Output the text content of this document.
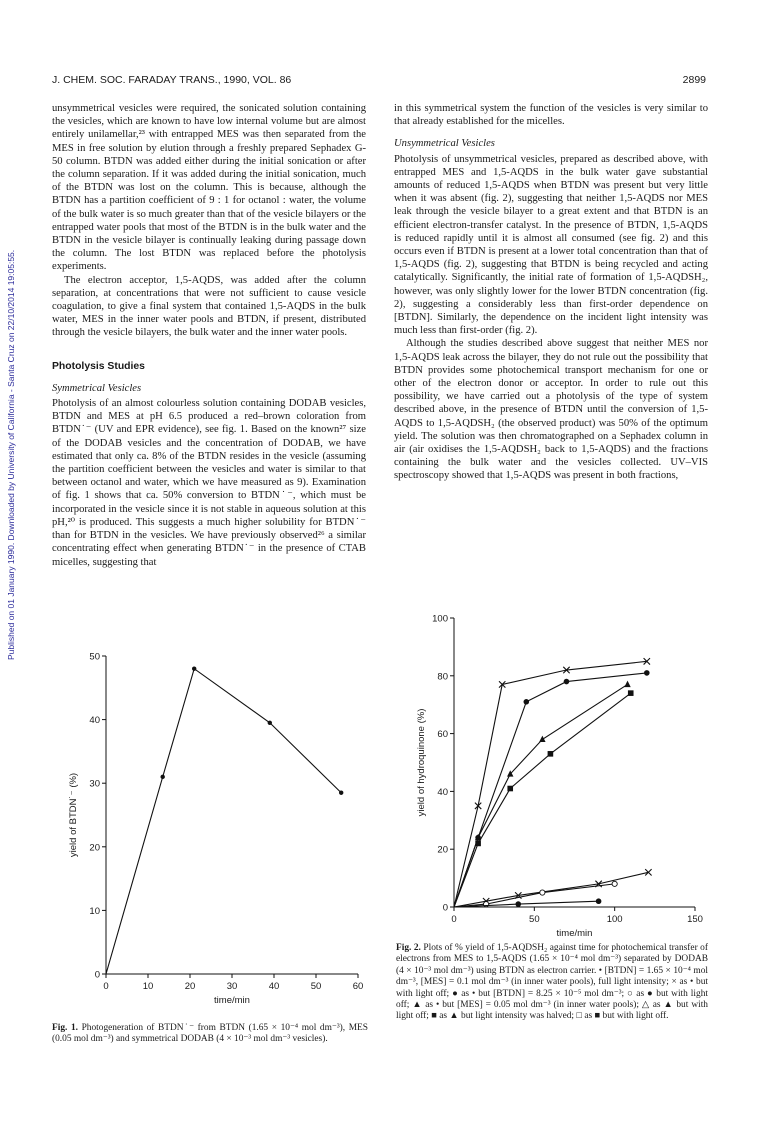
Published on 01 January 1990. Downloaded by University of California - Santa Cruz on 22/10/2014 19:05:55.
J. CHEM. SOC. FARADAY TRANS., 1990, VOL. 86	2899

unsymmetrical vesicles were required, the sonicated solution containing the vesicles, which are known to have low internal volume but are almost entirely unilamellar,²³ with entrapped MES was then separated from the MES in free solution by elution through a freshly prepared Sephadex G-50 column. BTDN was added either during the initial sonication or after the column separation. If it was added during the initial sonication, much of the BTDN was lost on the column. This is because, although the BTDN has a partition coefficient of 9 : 1 for octanol : water, the volume of the bulk water is so much greater than that of the vesicle bilayers or the entrapped water pools that most of the BTDN is in the bulk water and the BTDN in the vesicle bilayer is continually leaking during passage down the column. The lost BTDN was replaced before the photolysis experiments.

The electron acceptor, 1,5-AQDS, was added after the column separation, at concentrations that were not sufficient to cause vesicle coagulation, to give a final system that contained 1,5-AQDS in the bulk water, MES in the inner water pools and BTDN, if present, distributed through the vesicle bilayers, the bulk water and the inner water pools.

Photolysis Studies

Symmetrical Vesicles

Photolysis of an almost colourless solution containing DODAB vesicles, BTDN and MES at pH 6.5 produced a red–brown coloration from BTDN˙⁻ (UV and EPR evidence), see fig. 1. Based on the known²⁷ size of the DODAB vesicles and the concentration of DODAB, we have estimated that only ca. 8% of the BTDN resides in the vesicle (assuming the partition coefficient between the vesicles and water is similar to that between octanol and water, which we have measured as 9). Examination of fig. 1 shows that ca. 50% conversion to BTDN˙⁻, which must be incorporated in the vesicle since it is not stable in aqueous solution at this pH,²⁰ is produced. This suggests a much higher solubility for BTDN˙⁻ than for BTDN in the vesicles. We have previously observed²⁶ a similar concentrating effect when generating BTDN˙⁻ in the presence of CTAB micelles, suggesting that

in this symmetrical system the function of the vesicles is very similar to that already established for the micelles.

Unsymmetrical Vesicles

Photolysis of unsymmetrical vesicles, prepared as described above, with entrapped MES and 1,5-AQDS in the bulk water gave substantial amounts of reduced 1,5-AQDS when BTDN was present but very little when it was absent (fig. 2), suggesting that neither 1,5-AQDS nor MES leak through the vesicle bilayer to a great extent and that BTDN is an efficient electron-transfer catalyst. In the presence of BTDN, 1,5-AQDS is reduced rapidly until it is almost all consumed (see fig. 2) and this occurs even if BTDN is present at a lower total concentration than that of 1,5-AQDS (fig. 2), suggesting that BTDN is being recycled and acting catalytically. Significantly, the initial rate of formation of 1,5-AQDSH₂, however, was only slightly lower for the lower BTDN concentration (fig. 2), suggesting a considerably less than first-order dependence on [BTDN]. Similarly, the dependence on the incident light intensity was much less than first-order (fig. 2).

Although the studies described above suggest that neither MES nor 1,5-AQDS leak across the bilayer, they do not rule out the possibility that BTDN provides some photochemical transport mechanism for one or other of the electron donor or acceptor. In order to rule out this possibility, we have carried out a photolysis of the type of system described above, in the presence of BTDN until the conversion of 1,5-AQDS to 1,5-AQDSH₂ (the observed product) was 50% of the optimum yield. The solution was then chromatographed on a Sephadex column in air (air oxidises the 1,5-AQDSH₂ back to 1,5-AQDS) and the fractions containing the bulk water and the vesicles collected. UV–VIS spectroscopy showed that 1,5-AQDS was present in both fractions,

0
10
20
30
40
50
0	10	20	30	40	50	60
time/min
yield of BTDN˙⁻ (%)
Fig. 1. Photogeneration of BTDN˙⁻ from BTDN (1.65 × 10⁻⁴ mol dm⁻³), MES (0.05 mol dm⁻³) and symmetrical DODAB (4 × 10⁻³ mol dm⁻³ vesicles).
0
20
40
60
80
100
0	50	100	150
time/min
yield of hydroquinone (%)
Fig. 2. Plots of % yield of 1,5-AQDSH₂ against time for photochemical transfer of electrons from MES to 1,5-AQDS (1.65 × 10⁻⁴ mol dm⁻³) separated by DODAB (4 × 10⁻³ mol dm⁻³) using BTDN as electron carrier. • [BTDN] = 1.65 × 10⁻⁴ mol dm⁻³, [MES] = 0.1 mol dm⁻³ (in inner water pools), full light intensity; × as • but with light off; ● as • but [BTDN] = 8.25 × 10⁻⁵ mol dm⁻³; ○ as ● but with light off; ▲ as • but [MES] = 0.05 mol dm⁻³ (in inner water pools); △ as ▲ but with light off; ■ as ▲ but light intensity was halved; □ as ■ but with light off.
